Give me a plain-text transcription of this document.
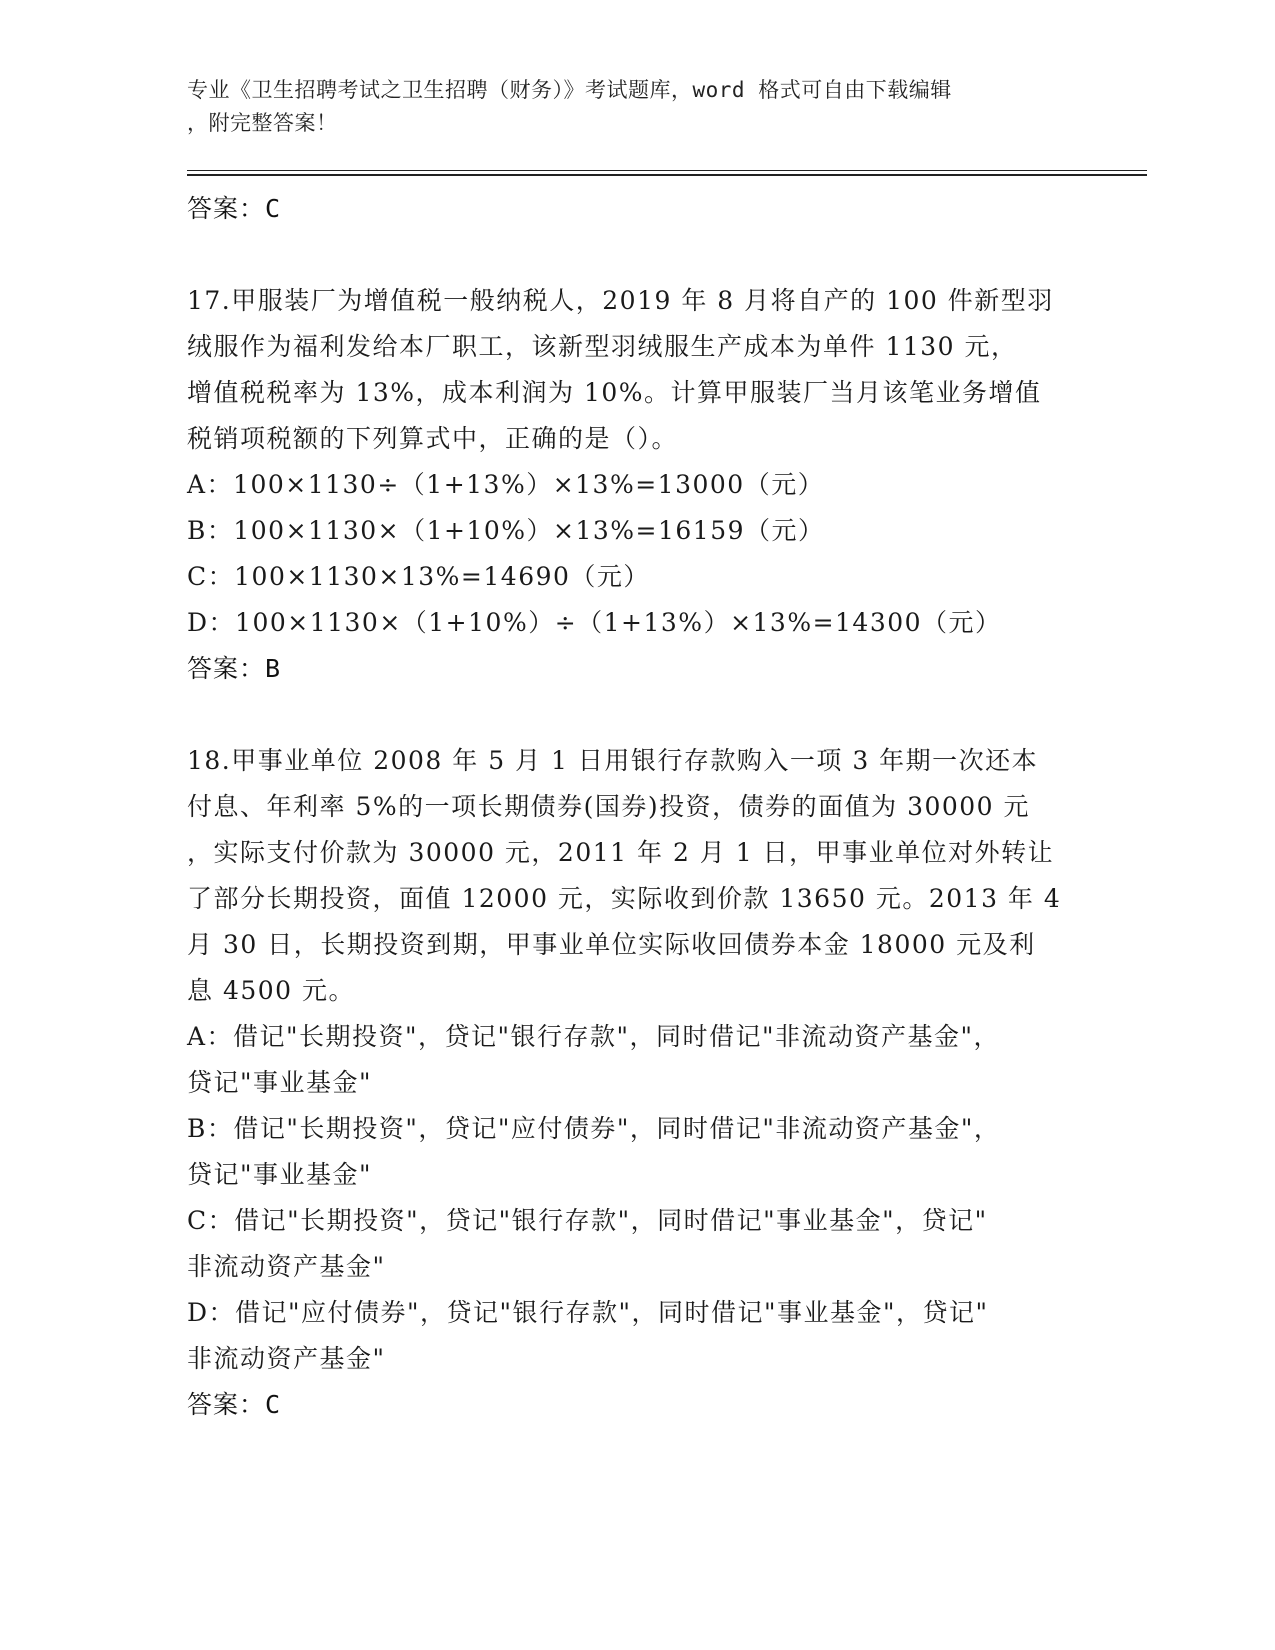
专业《卫生招聘考试之卫生招聘（财务）》考试题库，word 格式可自由下载编辑

，附完整答案！

答案：C
17.甲服装厂为增值税一般纳税人，2019 年 8 月将自产的 100 件新型羽
绒服作为福利发给本厂职工，该新型羽绒服生产成本为单件 1130 元，
增值税税率为 13%，成本利润为 10%。计算甲服装厂当月该笔业务增值
税销项税额的下列算式中，正确的是（）。
A：100×1130÷（1+13%）×13%=13000（元）
B：100×1130×（1+10%）×13%=16159（元）
C：100×1130×13%=14690（元）
D：100×1130×（1+10%）÷（1+13%）×13%=14300（元）
答案：B
18.甲事业单位 2008 年 5 月 1 日用银行存款购入一项 3 年期一次还本
付息、年利率 5%的一项长期债券(国券)投资，债券的面值为 30000 元
，实际支付价款为 30000 元，2011 年 2 月 1 日，甲事业单位对外转让
了部分长期投资，面值 12000 元，实际收到价款 13650 元。2013 年 4
月 30 日，长期投资到期，甲事业单位实际收回债券本金 18000 元及利
息 4500 元。
A：借记"长期投资"，贷记"银行存款"，同时借记"非流动资产基金"，
贷记"事业基金"
B：借记"长期投资"，贷记"应付债券"，同时借记"非流动资产基金"，
贷记"事业基金"
C：借记"长期投资"，贷记"银行存款"，同时借记"事业基金"，贷记"
非流动资产基金"
D：借记"应付债券"，贷记"银行存款"，同时借记"事业基金"，贷记"
非流动资产基金"
答案：C
